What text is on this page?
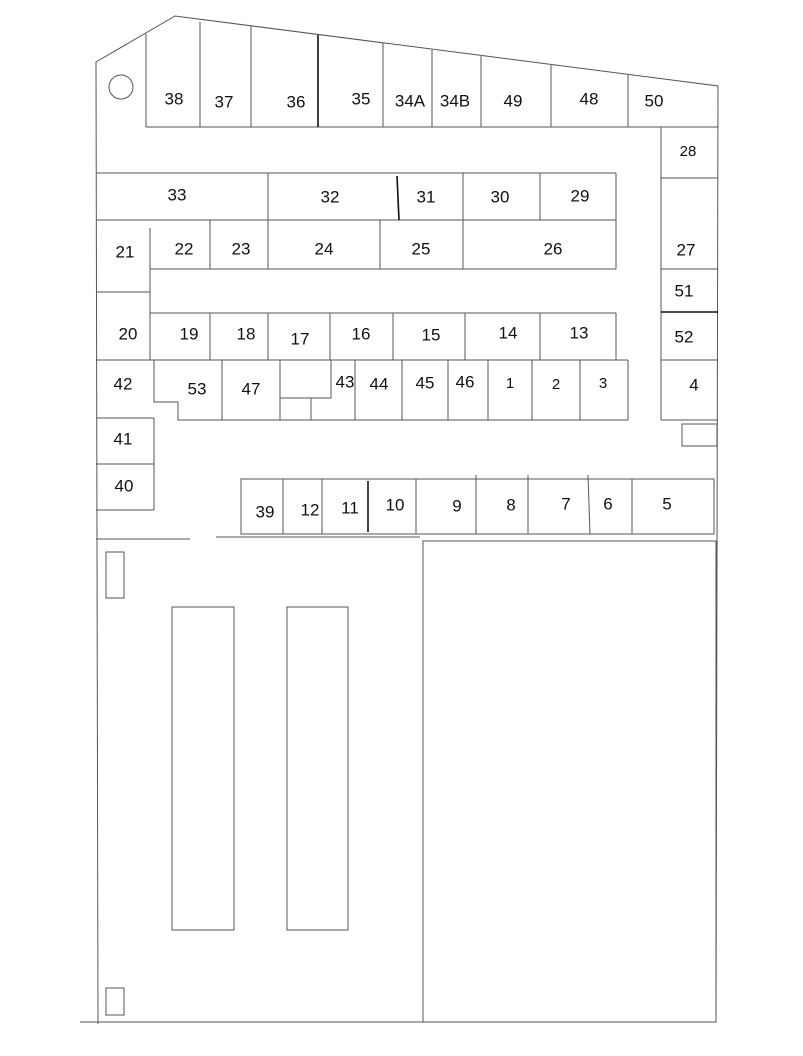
38 37	36	35 34A 34B 49	48	50
28
33	32	31	30	29
21 22 23	24	25	26	27
51
20 19 18 17 16	15	14	13	52
42	53 47	43 44 45 46 1	2	3	4
41
40
39 12 11 10	9	8	7 6	5
